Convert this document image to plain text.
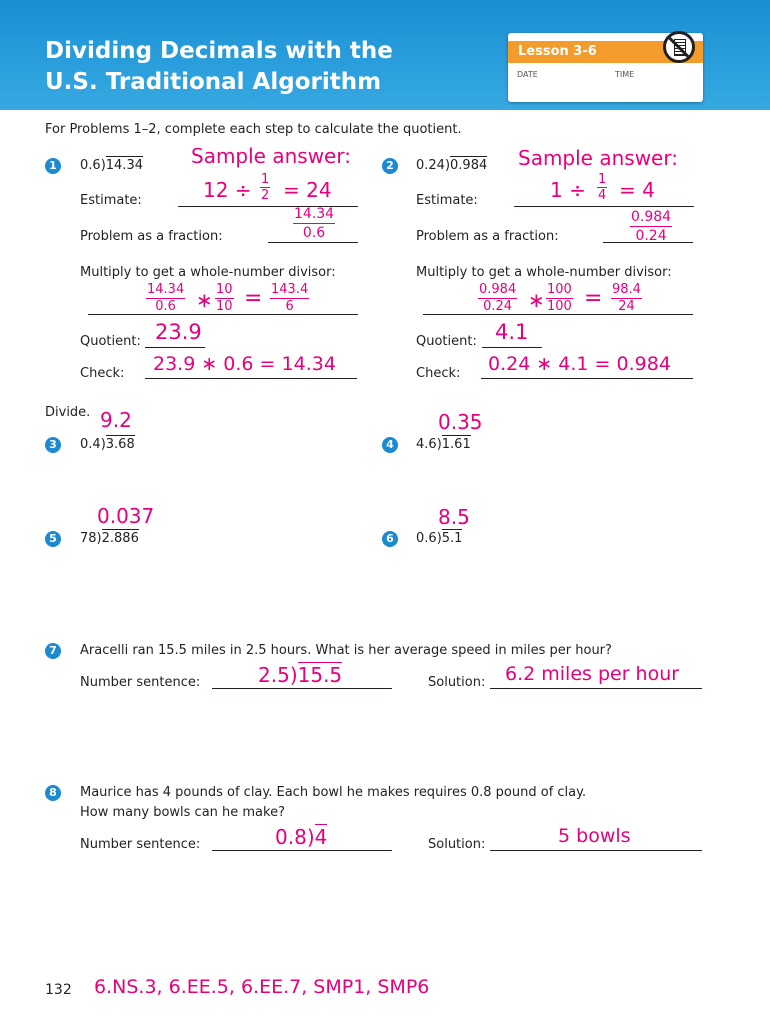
Dividing Decimals with the
U.S. Traditional Algorithm
Lesson 3-6
DATE	TIME
For Problems 1–2, complete each step to calculate the quotient.
1	0.6)14.34 Sample answer:
Estimate:	$12 \div \frac{1}{2} = 24$
Problem as a fraction:	$\frac{14.34}{0.6}$
Multiply to get a whole-number divisor:
$\frac{14.34}{0.6}$ ∗ $\frac{10}{10} = \frac{143.4}{6}$
Quotient: 23.9
Check: 23.9 ∗ 0.6 = 14.34
2	0.24)0.984 Sample answer:
Estimate:	$1 \div \frac{1}{4} = 4$
Problem as a fraction:	$\frac{0.984}{0.24}$
Multiply to get a whole-number divisor:
$\frac{0.984}{0.24}$ ∗ $\frac{100}{100} = \frac{98.4}{24}$
Quotient: 4.1
Check: 0.24 ∗ 4.1 = 0.984
Divide. 9.2
3	0.4)3.68
0.35
4	4.6)1.61
0.037
5	78)2.886
8.5
6	0.6)5.1
7	Aracelli ran 15.5 miles in 2.5 hours. What is her average speed in miles per hour?
Number sentence:	2.5)15.5	Solution: 6.2 miles per hour
8	Maurice has 4 pounds of clay. Each bowl he makes requires 0.8 pound of clay.
How many bowls can he make?
Number sentence:	0.8)4	Solution:	5 bowls
132 6.NS.3, 6.EE.5, 6.EE.7, SMP1, SMP6
